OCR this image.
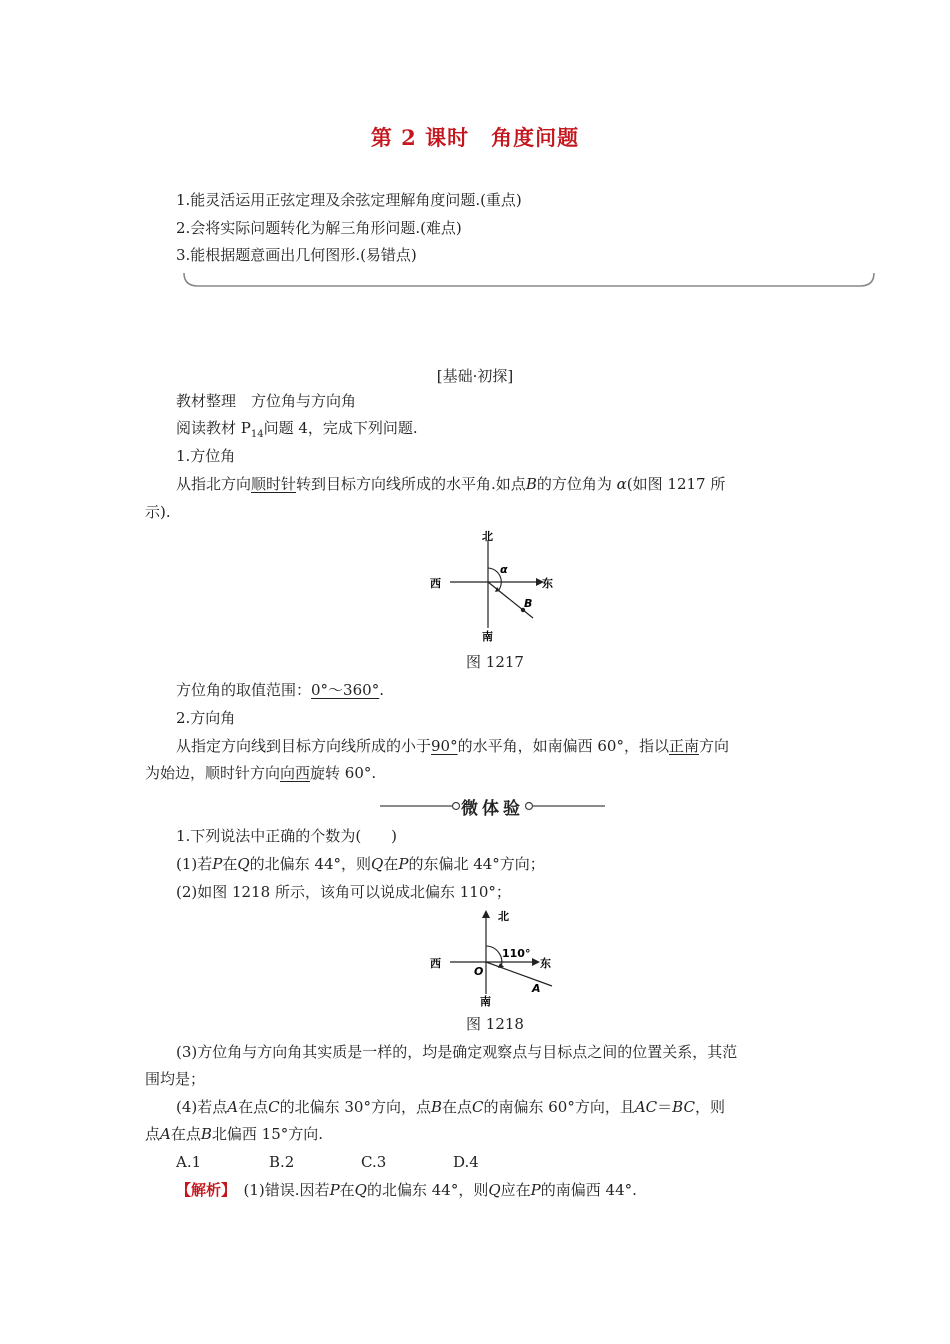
第 2 课时　角度问题
1.能灵活运用正弦定理及余弦定理解角度问题.(重点)
2.会将实际问题转化为解三角形问题.(难点)
3.能根据题意画出几何图形.(易错点)
[基础·初探]
教材整理　方位角与方向角
阅读教材 $P_{14}$问题 4，完成下列问题.
1.方位角
从指北方向顺时针转到目标方向线所成的水平角.如点B的方位角为 α(如图 1217 所
示).
北
南
西	东
α
B
图 1217
方位角的取值范围：0°～360°.
2.方向角
从指定方向线到目标方向线所成的小于90°的水平角，如南偏西 60°，指以正南方向
为始边，顺时针方向向西旋转 60°.
微体验
1.下列说法中正确的个数为(　　)
(1)若P在Q的北偏东 44°，则Q在P的东偏北 44°方向；
(2)如图 1218 所示，该角可以说成北偏东 110°；
北
南
西	东
O
110°
A
图 1218
(3)方位角与方向角其实质是一样的，均是确定观察点与目标点之间的位置关系，其范
围均是；
(4)若点A在点C的北偏东 30°方向，点B在点C的南偏东 60°方向，且AC＝BC，则
点A在点B北偏西 15°方向.
A.1	B.2	C.3	D.4
【解析】　 (1)错误.因若P在Q的北偏东 44°，则Q应在P的南偏西 44°.
